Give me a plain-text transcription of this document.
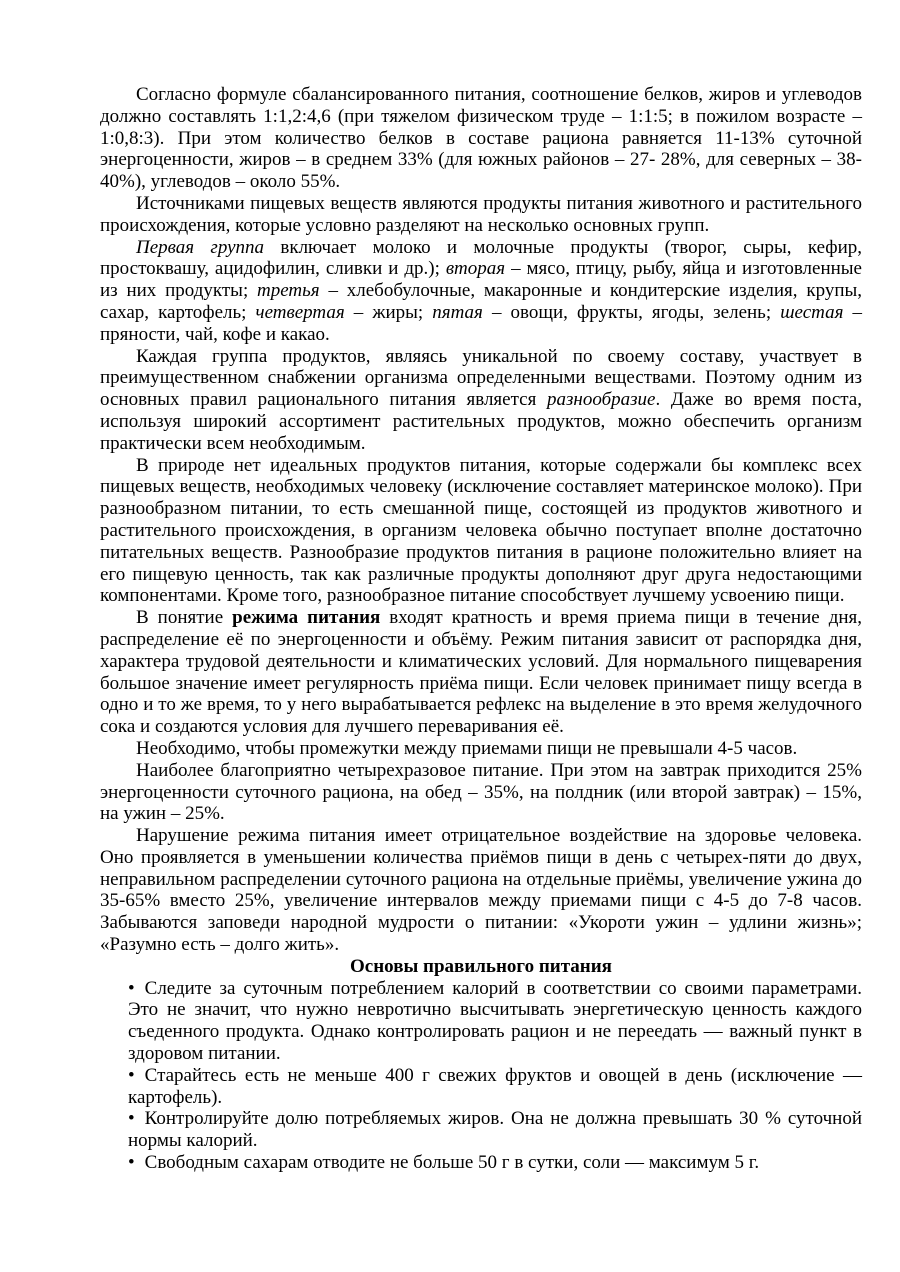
Согласно формуле сбалансированного питания, соотношение белков, жиров и углеводов должно составлять 1:1,2:4,6 (при тяжелом физическом труде – 1:1:5; в пожилом возрасте – 1:0,8:3). При этом количество белков в составе рациона равняется 11-13% суточной энергоценности, жиров – в среднем 33% (для южных районов – 27- 28%, для северных – 38-40%), углеводов – около 55%.

Источниками пищевых веществ являются продукты питания животного и растительного происхождения, которые условно разделяют на несколько основных групп.

Первая группа включает молоко и молочные продукты (творог, сыры, кефир, простоквашу, ацидофилин, сливки и др.); вторая – мясо, птицу, рыбу, яйца и изготовленные из них продукты; третья – хлебобулочные, макаронные и кондитерские изделия, крупы, сахар, картофель; четвертая – жиры; пятая – овощи, фрукты, ягоды, зелень; шестая – пряности, чай, кофе и какао.

Каждая группа продуктов, являясь уникальной по своему составу, участвует в преимущественном снабжении организма определенными веществами. Поэтому одним из основных правил рационального питания является разнообразие. Даже во время поста, используя широкий ассортимент растительных продуктов, можно обеспечить организм практически всем необходимым.

В природе нет идеальных продуктов питания, которые содержали бы комплекс всех пищевых веществ, необходимых человеку (исключение составляет материнское молоко). При разнообразном питании, то есть смешанной пище, состоящей из продуктов животного и растительного происхождения, в организм человека обычно поступает вполне достаточно питательных веществ. Разнообразие продуктов питания в рационе положительно влияет на его пищевую ценность, так как различные продукты дополняют друг друга недостающими компонентами. Кроме того, разнообразное питание способствует лучшему усвоению пищи.

В понятие режима питания входят кратность и время приема пищи в течение дня, распределение её по энергоценности и объёму. Режим питания зависит от распорядка дня, характера трудовой деятельности и климатических условий. Для нормального пищеварения большое значение имеет регулярность приёма пищи. Если человек принимает пищу всегда в одно и то же время, то у него вырабатывается рефлекс на выделение в это время желудочного сока и создаются условия для лучшего переваривания её.

Необходимо, чтобы промежутки между приемами пищи не превышали 4-5 часов.

Наиболее благоприятно четырехразовое питание. При этом на завтрак приходится 25% энергоценности суточного рациона, на обед – 35%, на полдник (или второй завтрак) – 15%, на ужин – 25%.

Нарушение режима питания имеет отрицательное воздействие на здоровье человека. Оно проявляется в уменьшении количества приёмов пищи в день с четырех-пяти до двух, неправильном распределении суточного рациона на отдельные приёмы, увеличение ужина до 35-65% вместо 25%, увеличение интервалов между приемами пищи с 4-5 до 7-8 часов. Забываются заповеди народной мудрости о питании: «Укороти ужин – удлини жизнь»; «Разумно есть – долго жить».

Основы правильного питания

• Следите за суточным потреблением калорий в соответствии со своими параметрами. Это не значит, что нужно невротично высчитывать энергетическую ценность каждого съеденного продукта. Однако контролировать рацион и не переедать — важный пункт в здоровом питании.

• Старайтесь есть не меньше 400 г свежих фруктов и овощей в день (исключение — картофель).

• Контролируйте долю потребляемых жиров. Она не должна превышать 30 % суточной нормы калорий.

• Свободным сахарам отводите не больше 50 г в сутки, соли — максимум 5 г.
